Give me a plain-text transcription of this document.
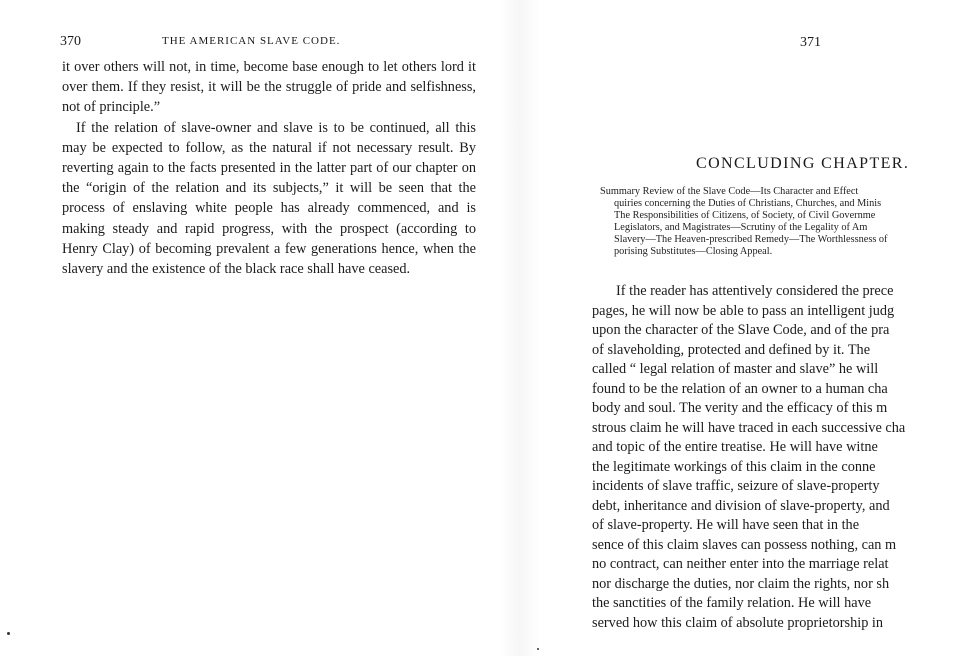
370	THE AMERICAN SLAVE CODE.

it over others will not, in time, become base enough to let others lord it over them. If they resist, it will be the struggle of pride and selfishness, not of principle.”

If the relation of slave-owner and slave is to be continued, all this may be expected to follow, as the natural if not necessary result. By reverting again to the facts presented in the latter part of our chapter on the “origin of the relation and its subjects,” it will be seen that the process of enslaving white people has already commenced, and is making steady and rapid progress, with the prospect (according to Henry Clay) of becoming prevalent a few generations hence, when the slavery and the existence of the black race shall have ceased.

371
CONCLUDING CHAPTER.
Summary Review of the Slave Code—Its Character and Effect
quiries concerning the Duties of Christians, Churches, and Minis
The Responsibilities of Citizens, of Society, of Civil Governme
Legislators, and Magistrates—Scrutiny of the Legality of Am
Slavery—The Heaven-prescribed Remedy—The Worthlessness of
porising Substitutes—Closing Appeal.
If the reader has attentively considered the prece
pages, he will now be able to pass an intelligent judg
upon the character of the Slave Code, and of the pra
of slaveholding, protected and defined by it. The
called “ legal relation of master and slave” he will
found to be the relation of an owner to a human cha
body and soul. The verity and the efficacy of this m
strous claim he will have traced in each successive cha
and topic of the entire treatise. He will have witne
the legitimate workings of this claim in the conne
incidents of slave traffic, seizure of slave-property
debt, inheritance and division of slave-property, and
of slave-property. He will have seen that in the
sence of this claim slaves can possess nothing, can m
no contract, can neither enter into the marriage relat
nor discharge the duties, nor claim the rights, nor sh
the sanctities of the family relation. He will have
served how this claim of absolute proprietorship in
